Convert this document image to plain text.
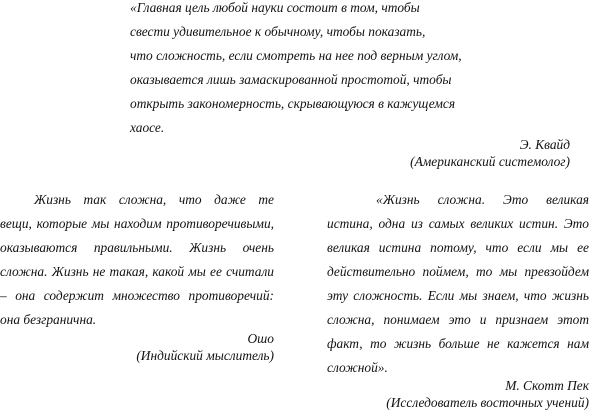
«Главная цель любой науки состоит в том, чтобы
свести удивительное к обычному, чтобы показать,
что сложность, если смотреть на нее под верным углом,
оказывается лишь замаскированной простотой, чтобы
открыть закономерность, скрывающуюся в кажущемся
хаосе.
Э. Квайд
(Американский системолог)
Жизнь так сложна, что даже те
вещи, которые мы находим противоречивыми,
оказываются правильными. Жизнь очень
сложна. Жизнь не такая, какой мы ее считали
– она содержит множество противоречий:
она безгранична.
Ошо
(Индийский мыслитель)
«Жизнь сложна. Это великая
истина, одна из самых великих истин. Это
великая истина потому, что если мы ее
действительно поймем, то мы превзойдем
эту сложность. Если мы знаем, что жизнь
сложна, понимаем это и признаем этот
факт, то жизнь больше не кажется нам
сложной».
М. Скотт Пек
(Исследователь восточных учений)
